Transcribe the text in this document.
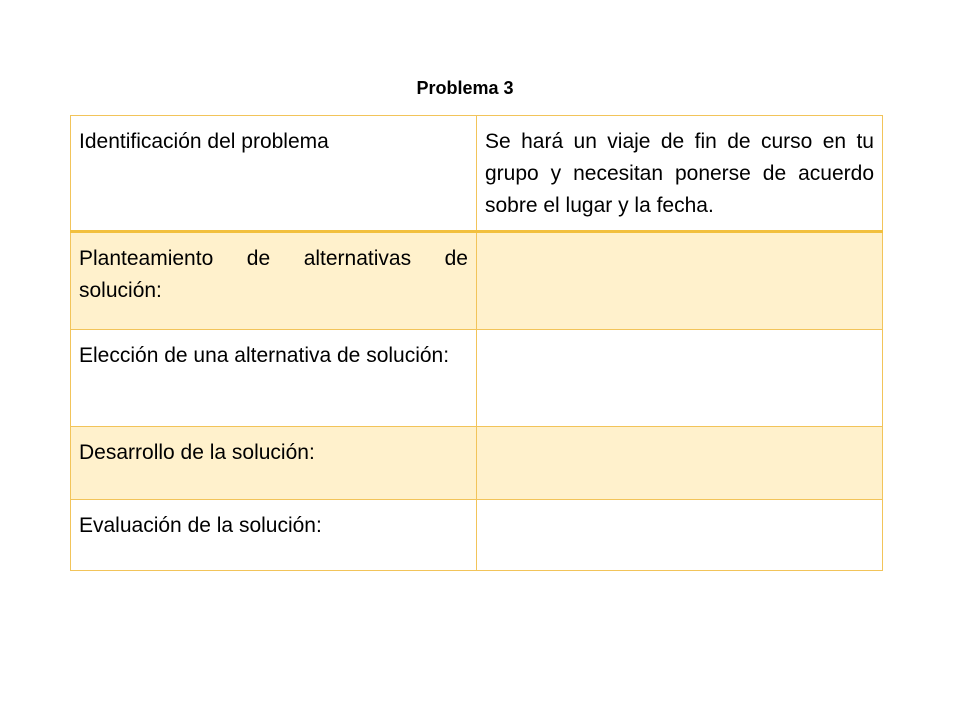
Problema 3
Identificación del problema	Se hará un viaje de fin de curso en tu grupo y necesitan ponerse de acuerdo sobre el lugar y la fecha.
Planteamiento de alternativas de solución:	
Elección de una alternativa de solución:	
Desarrollo de la solución:	
Evaluación de la solución:	
